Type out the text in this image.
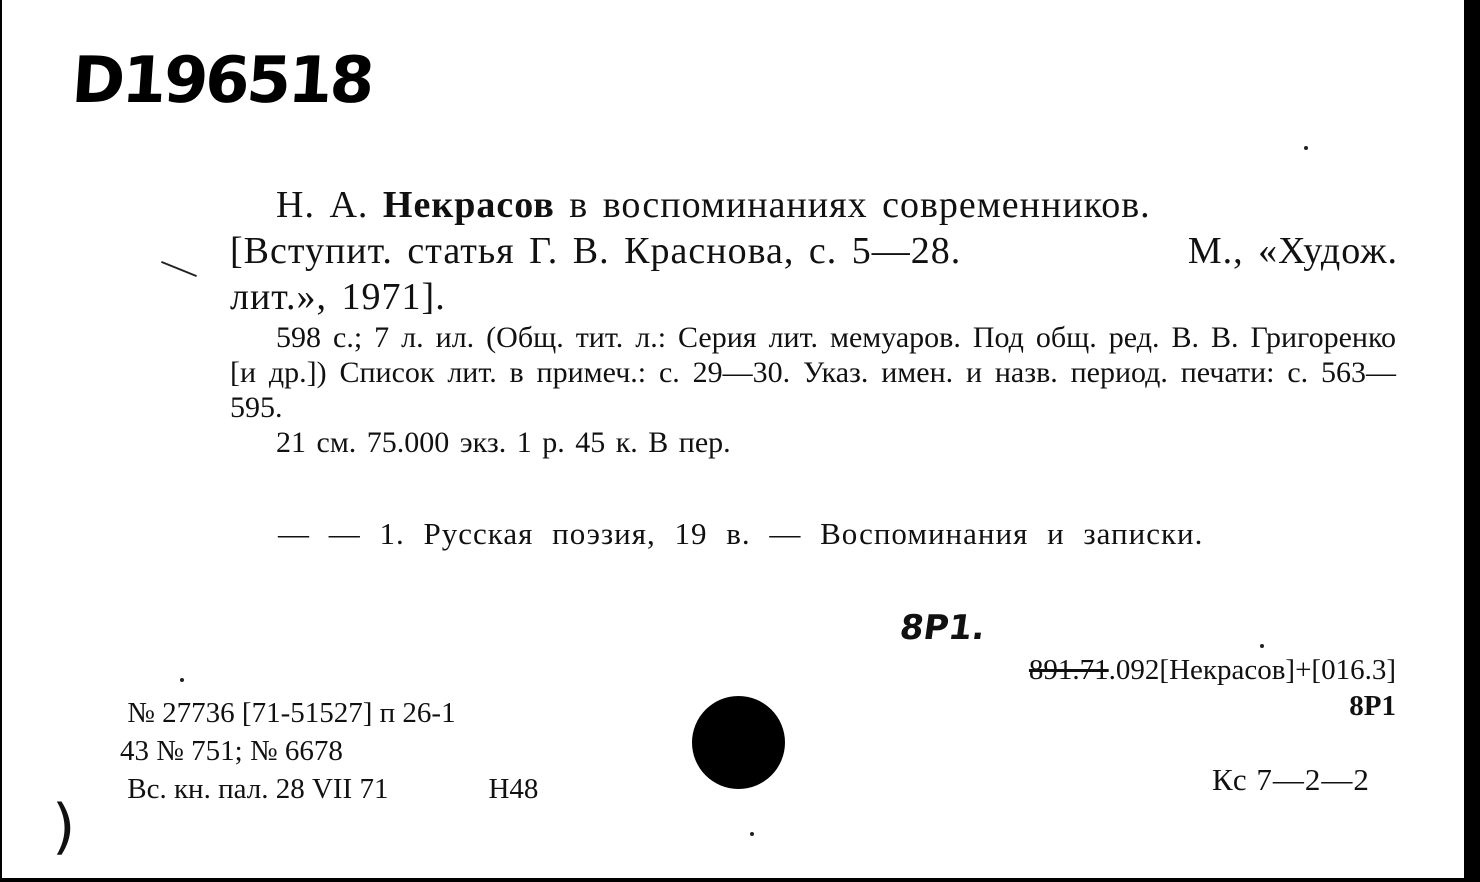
D196518
Н. А. Некрасов в воспоминаниях современников.
[Вступит. статья Г. В. Краснова, с. 5—28.	М., «Худож.
лит.», 1971].
598 с.; 7 л. ил. (Общ. тит. л.: Серия лит. мемуаров. Под общ. ред. В. В. Григоренко [и др.]) Список лит. в примеч.: с. 29—30. Указ. имен. и назв. период. печати: с. 563—595.
21 см. 75.000 экз. 1 р. 45 к. В пер.
— — 1. Русская поэзия, 19 в. — Воспоминания и записки.
№ 27736 [71-51527] п 26-1
43 № 751; № 6678
Вс. кн. пал. 28 VII 71	Н48
8Р1.
891.71.092[Некрасов]+[016.3]
8Р1
Кс 7—2—2
)
